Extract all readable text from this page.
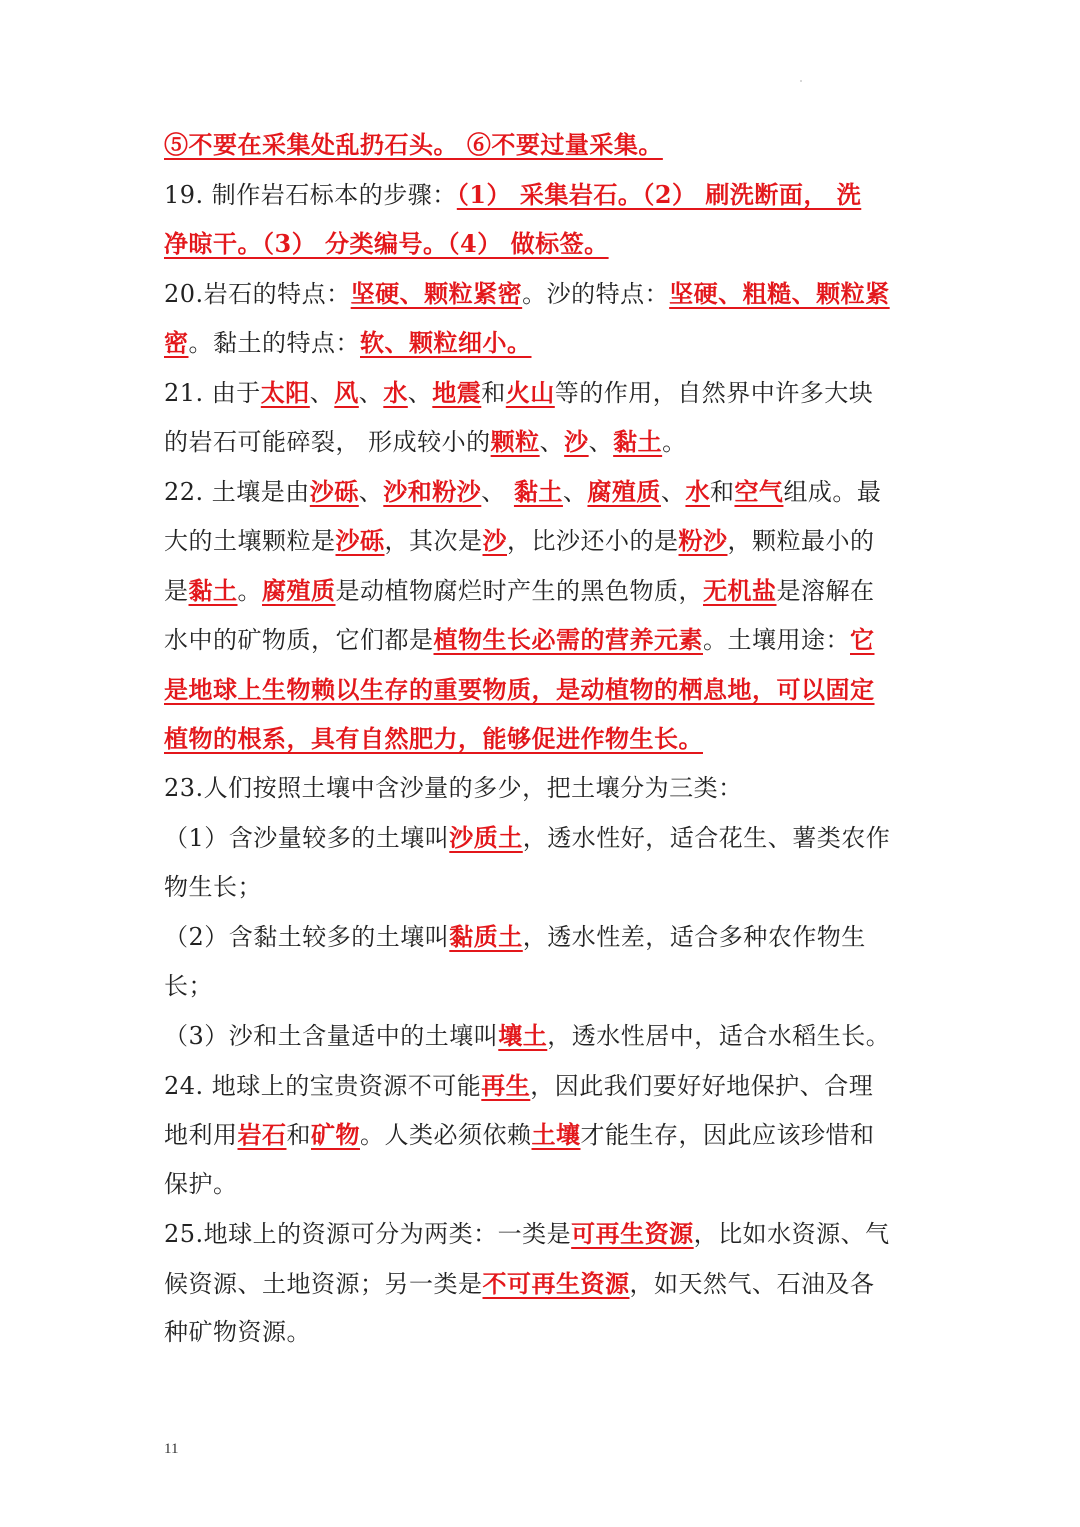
⑤不要在采集处乱扔石头。 ⑥不要过量采集。
19. 制作岩石标本的步骤：（1） 采集岩石。（2） 刷洗断面， 洗
净晾干。（3） 分类编号。（4） 做标签。
20.岩石的特点：坚硬、颗粒紧密。沙的特点：坚硬、粗糙、颗粒紧
密。黏土的特点：软、颗粒细小。
21. 由于太阳、风、水、地震和火山等的作用，自然界中许多大块
的岩石可能碎裂， 形成较小的颗粒、沙、黏土。
22. 土壤是由沙砾、沙和粉沙、 黏土、腐殖质、水和空气组成。最
大的土壤颗粒是沙砾，其次是沙，比沙还小的是粉沙，颗粒最小的
是黏土。腐殖质是动植物腐烂时产生的黑色物质，无机盐是溶解在
水中的矿物质，它们都是植物生长必需的营养元素。土壤用途：它
是地球上生物赖以生存的重要物质，是动植物的栖息地，可以固定
植物的根系，具有自然肥力，能够促进作物生长。
23.人们按照土壤中含沙量的多少，把土壤分为三类：
（1）含沙量较多的土壤叫沙质土，透水性好，适合花生、薯类农作
物生长；
（2）含黏土较多的土壤叫黏质土，透水性差，适合多种农作物生
长；
（3）沙和土含量适中的土壤叫壤土，透水性居中，适合水稻生长。
24. 地球上的宝贵资源不可能再生，因此我们要好好地保护、合理
地利用岩石和矿物。人类必须依赖土壤才能生存，因此应该珍惜和
保护。
25.地球上的资源可分为两类：一类是可再生资源，比如水资源、气
候资源、土地资源；另一类是不可再生资源，如天然气、石油及各
种矿物资源。
11
